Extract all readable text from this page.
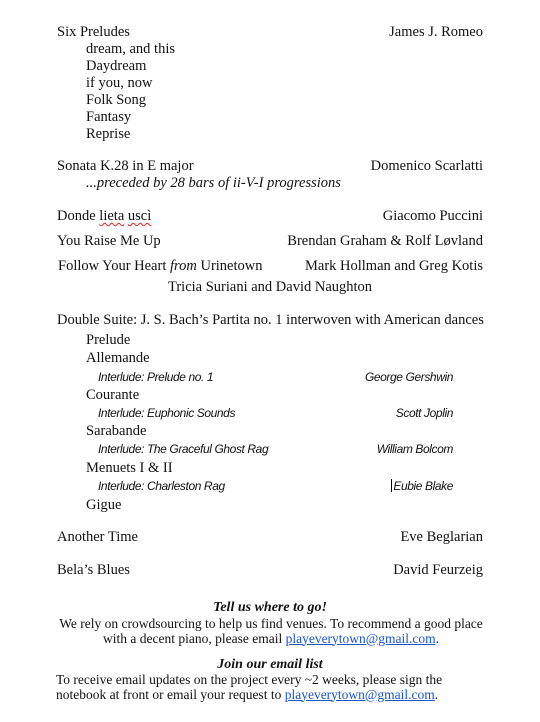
Six Preludes	James J. Romeo
dream, and this
Daydream
if you, now
Folk Song
Fantasy
Reprise
Sonata K.28 in E major	Domenico Scarlatti
...preceded by 28 bars of ii-V-I progressions
Donde lieta uscì	Giacomo Puccini
You Raise Me Up	Brendan Graham & Rolf Løvland
Follow Your Heart from Urinetown	Mark Hollman and Greg Kotis
Tricia Suriani and David Naughton
Double Suite: J. S. Bach’s Partita no. 1 interwoven with American dances
Prelude
Allemande
Interlude: Prelude no. 1	George Gershwin
Courante
Interlude: Euphonic Sounds	Scott Joplin
Sarabande
Interlude: The Graceful Ghost Rag	William Bolcom
Menuets I & II
Interlude: Charleston Rag	Eubie Blake
Gigue
Another Time	Eve Beglarian
Bela’s Blues	David Feurzeig
Tell us where to go!
We rely on crowdsourcing to help us find venues. To recommend a good place with a decent piano, please email playeverytown@gmail.com.
Join our email list
To receive email updates on the project every ~2 weeks, please sign the notebook at front or email your request to playeverytown@gmail.com.
